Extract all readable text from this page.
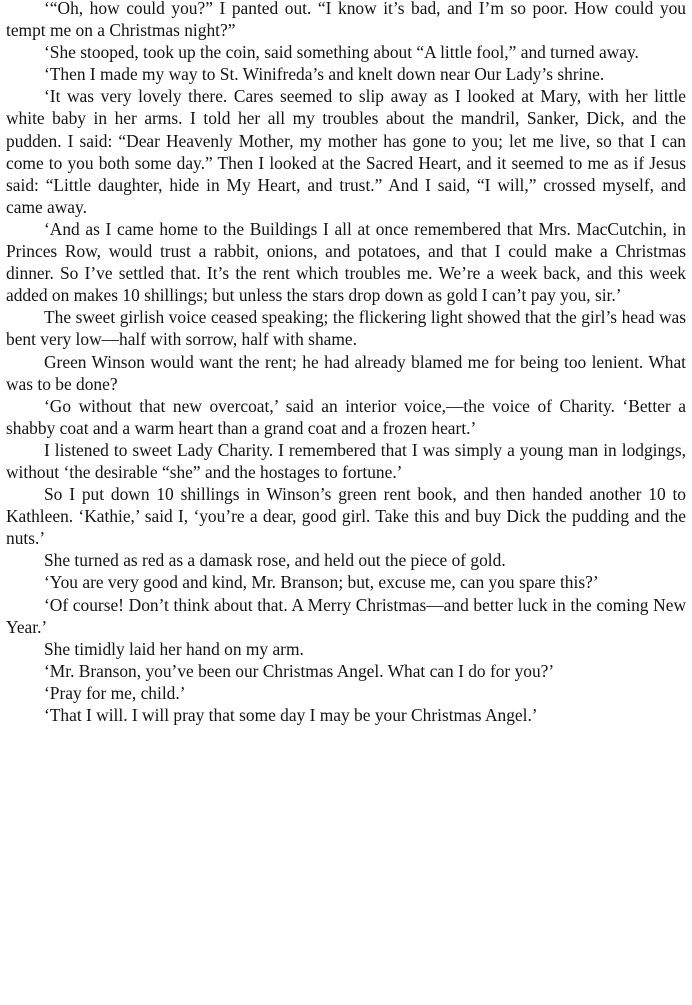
‘“Oh, how could you?” I panted out. “I know it’s bad, and I’m so poor. How could you tempt me on a Christmas night?”

‘She stooped, took up the coin, said something about “A little fool,” and turned away.

‘Then I made my way to St. Winifreda’s and knelt down near Our Lady’s shrine.

‘It was very lovely there. Cares seemed to slip away as I looked at Mary, with her little white baby in her arms. I told her all my troubles about the mandril, Sanker, Dick, and the pudden. I said: “Dear Heavenly Mother, my mother has gone to you; let me live, so that I can come to you both some day.” Then I looked at the Sacred Heart, and it seemed to me as if Jesus said: “Little daughter, hide in My Heart, and trust.” And I said, “I will,” crossed myself, and came away.

‘And as I came home to the Buildings I all at once remembered that Mrs. MacCutchin, in Princes Row, would trust a rabbit, onions, and potatoes, and that I could make a Christmas dinner. So I’ve settled that. It’s the rent which troubles me. We’re a week back, and this week added on makes 10 shillings; but unless the stars drop down as gold I can’t pay you, sir.’

The sweet girlish voice ceased speaking; the flickering light showed that the girl’s head was bent very low—half with sorrow, half with shame.

Green Winson would want the rent; he had already blamed me for being too lenient. What was to be done?

‘Go without that new overcoat,’ said an interior voice,—the voice of Charity. ‘Better a shabby coat and a warm heart than a grand coat and a frozen heart.’

I listened to sweet Lady Charity. I remembered that I was simply a young man in lodgings, without ‘the desirable “she” and the hostages to fortune.’

So I put down 10 shillings in Winson’s green rent book, and then handed another 10 to Kathleen. ‘Kathie,’ said I, ‘you’re a dear, good girl. Take this and buy Dick the pudding and the nuts.’

She turned as red as a damask rose, and held out the piece of gold.

‘You are very good and kind, Mr. Branson; but, excuse me, can you spare this?’

‘Of course! Don’t think about that. A Merry Christmas—and better luck in the coming New Year.’

She timidly laid her hand on my arm.

‘Mr. Branson, you’ve been our Christmas Angel. What can I do for you?’

‘Pray for me, child.’

‘That I will. I will pray that some day I may be your Christmas Angel.’
